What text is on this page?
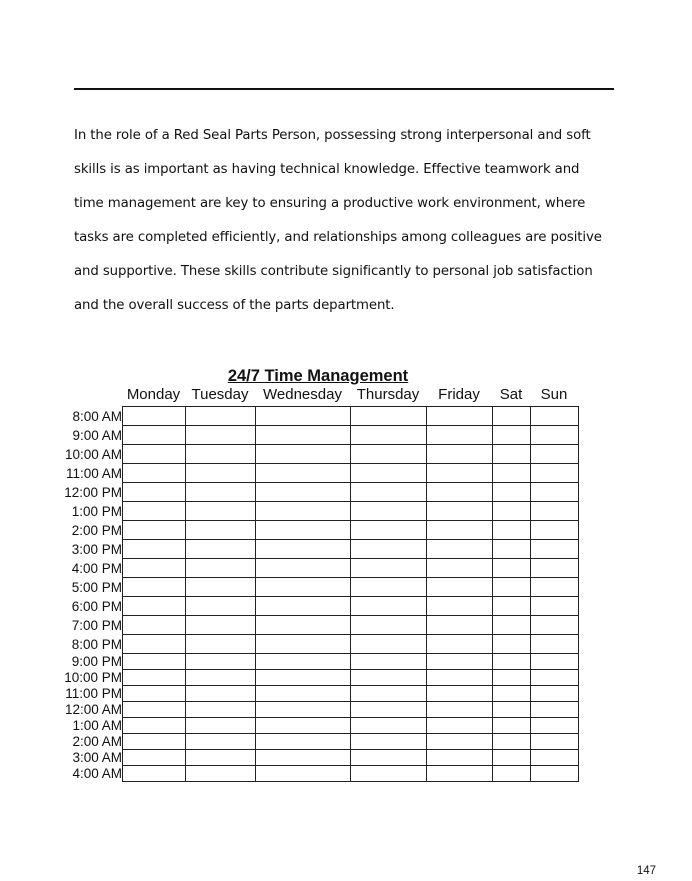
In the role of a Red Seal Parts Person, possessing strong interpersonal and soft
skills is as important as having technical knowledge. Effective teamwork and
time management are key to ensuring a productive work environment, where
tasks are completed efficiently, and relationships among colleagues are positive
and supportive. These skills contribute significantly to personal job satisfaction
and the overall success of the parts department.
24/7 Time Management
Monday Tuesday Wednesday Thursday	Friday	Sat	Sun
8:00 AM
9:00 AM
10:00 AM
11:00 AM
12:00 PM
1:00 PM
2:00 PM
3:00 PM
4:00 PM
5:00 PM
6:00 PM
7:00 PM
8:00 PM
9:00 PM
10:00 PM
11:00 PM
12:00 AM
1:00 AM
2:00 AM
3:00 AM
4:00 AM

147
